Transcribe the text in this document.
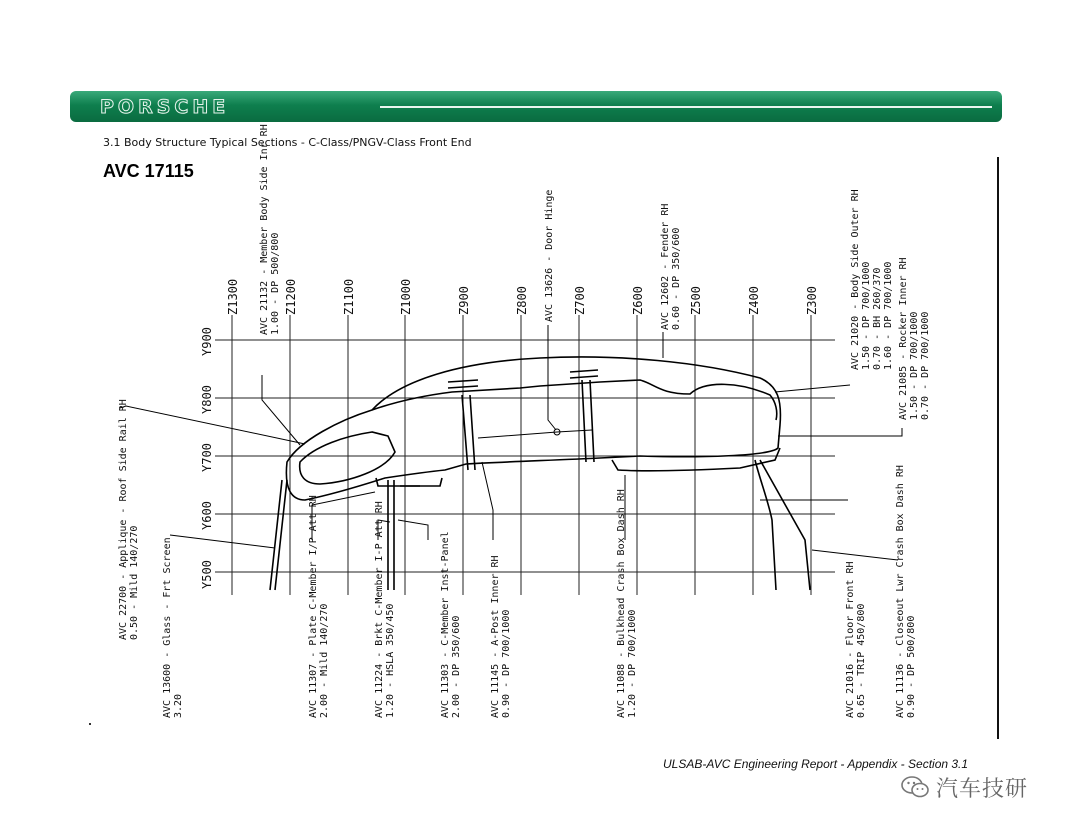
PORSCHE
3.1 Body Structure Typical Sections - C-Class/PNGV-Class Front End
AVC 17115
Z1300	Z1200	Z1100	Z1000	Z900	Z800	Z700	Z600	Z500	Z400	Z300
Y900
Y800
Y700
Y600
Y500
AVC 21132 - Member Body Side Inr RH 1.00 - DP 500/800	AVC 13626 - Door Hinge	AVC 12602 - Fender RH 0.60 - DP 350/600	AVC 21020 - Body Side Outer RH 1.50 - DP 700/1000 0.70 - BH 260/370 1.60 - DP 700/1000 AVC 21085 - Rocker Inner RH 1.50 - DP 700/1000 0.70 - DP 700/1000
AVC 22700 - Applique - Roof Side Rail RH 0.50 - Mild 140/270 AVC 13600 - Glass - Frt Screen 3.20	AVC 11307 - Plate C-Member I/P Att RH 2.00 - Mild 140/270	AVC 11224 - Brkt C-Member I-P Att RH 1.20 - HSLA 350/450	AVC 11303 - C-Member Inst-Panel 2.00 - DP 350/600	AVC 11145 - A-Post Inner RH 0.90 - DP 700/1000	AVC 11088 - Bulkhead Crash Box Dash RH 1.20 - DP 700/1000	AVC 21016 - Floor Front RH 0.65 - TRIP 450/800	AVC 11136 - Closeout Lwr Crash Box Dash RH 0.90 - DP 500/800
ULSAB-AVC Engineering Report - Appendix - Section 3.1
汽车技研
